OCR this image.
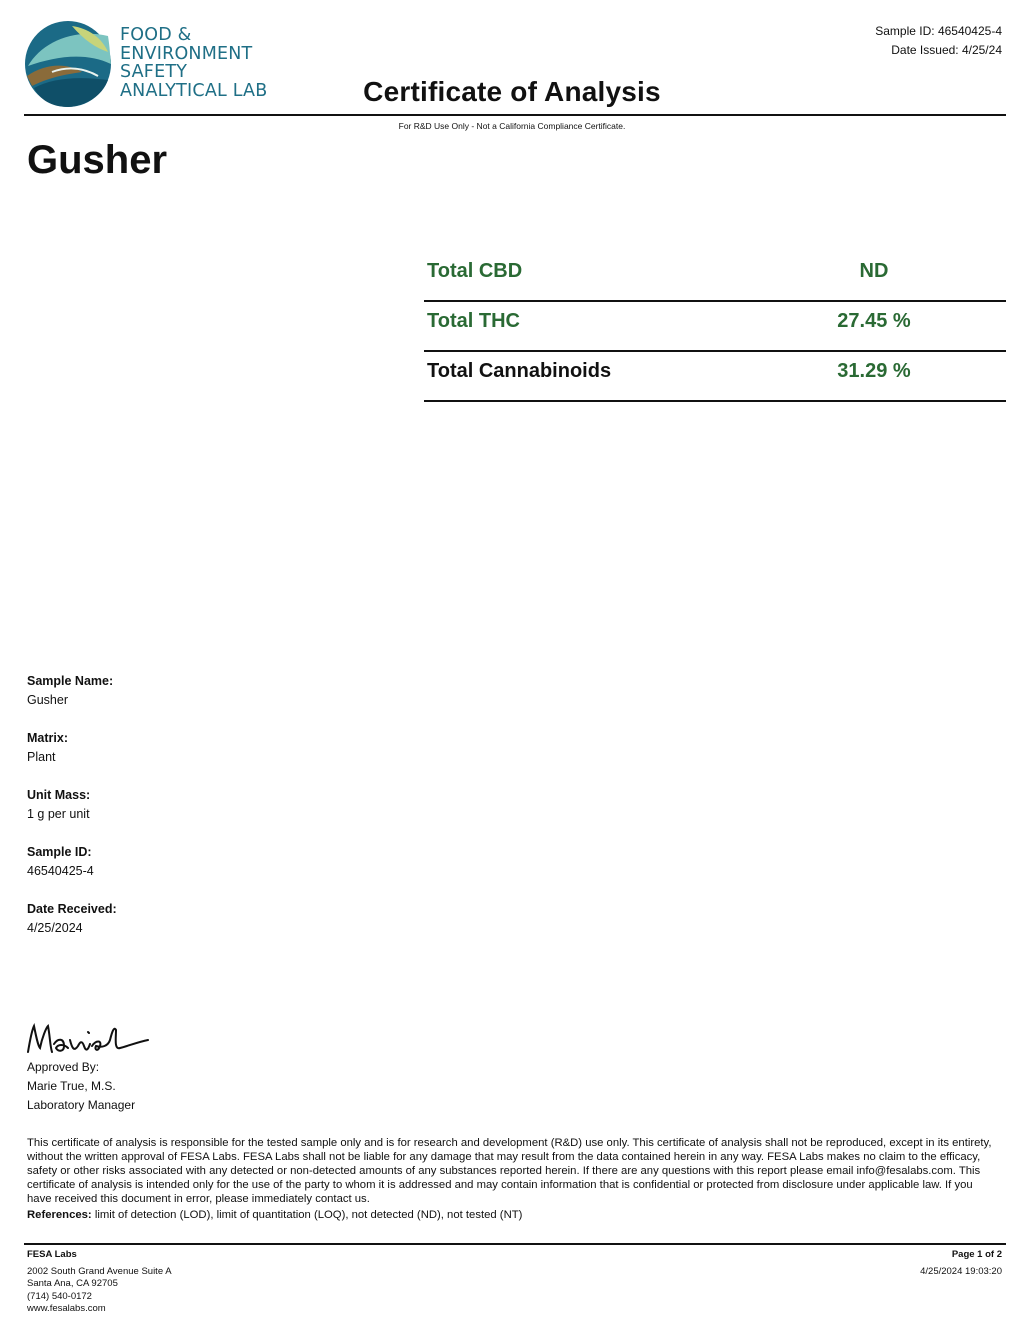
FOOD &
ENVIRONMENT
SAFETY
ANALYTICAL LAB
Sample ID: 46540425-4
Date Issued: 4/25/24
Certificate of Analysis
For R&D Use Only - Not a California Compliance Certificate.
Gusher
Total CBD	ND
Total THC	27.45 %
Total Cannabinoids	31.29 %
Sample Name:
Gusher
Matrix:
Plant
Unit Mass:
1 g per unit
Sample ID:
46540425-4
Date Received:
4/25/2024
Approved By:
Marie True, M.S.
Laboratory Manager
This certificate of analysis is responsible for the tested sample only and is for research and development (R&D) use only. This certificate of analysis shall not be reproduced, except in its entirety, without the written approval of FESA Labs. FESA Labs shall not be liable for any damage that may result from the data contained herein in any way. FESA Labs makes no claim to the efficacy, safety or other risks associated with any detected or non-detected amounts of any substances reported herein. If there are any questions with this report please email info@fesalabs.com. This certificate of analysis is intended only for the use of the party to whom it is addressed and may contain information that is confidential or protected from disclosure under applicable law. If you have received this document in error, please immediately contact us.
References: limit of detection (LOD), limit of quantitation (LOQ), not detected (ND), not tested (NT)
FESA Labs
2002 South Grand Avenue Suite A
Santa Ana, CA 92705
(714) 540-0172
www.fesalabs.com
Page 1 of 2
4/25/2024 19:03:20
